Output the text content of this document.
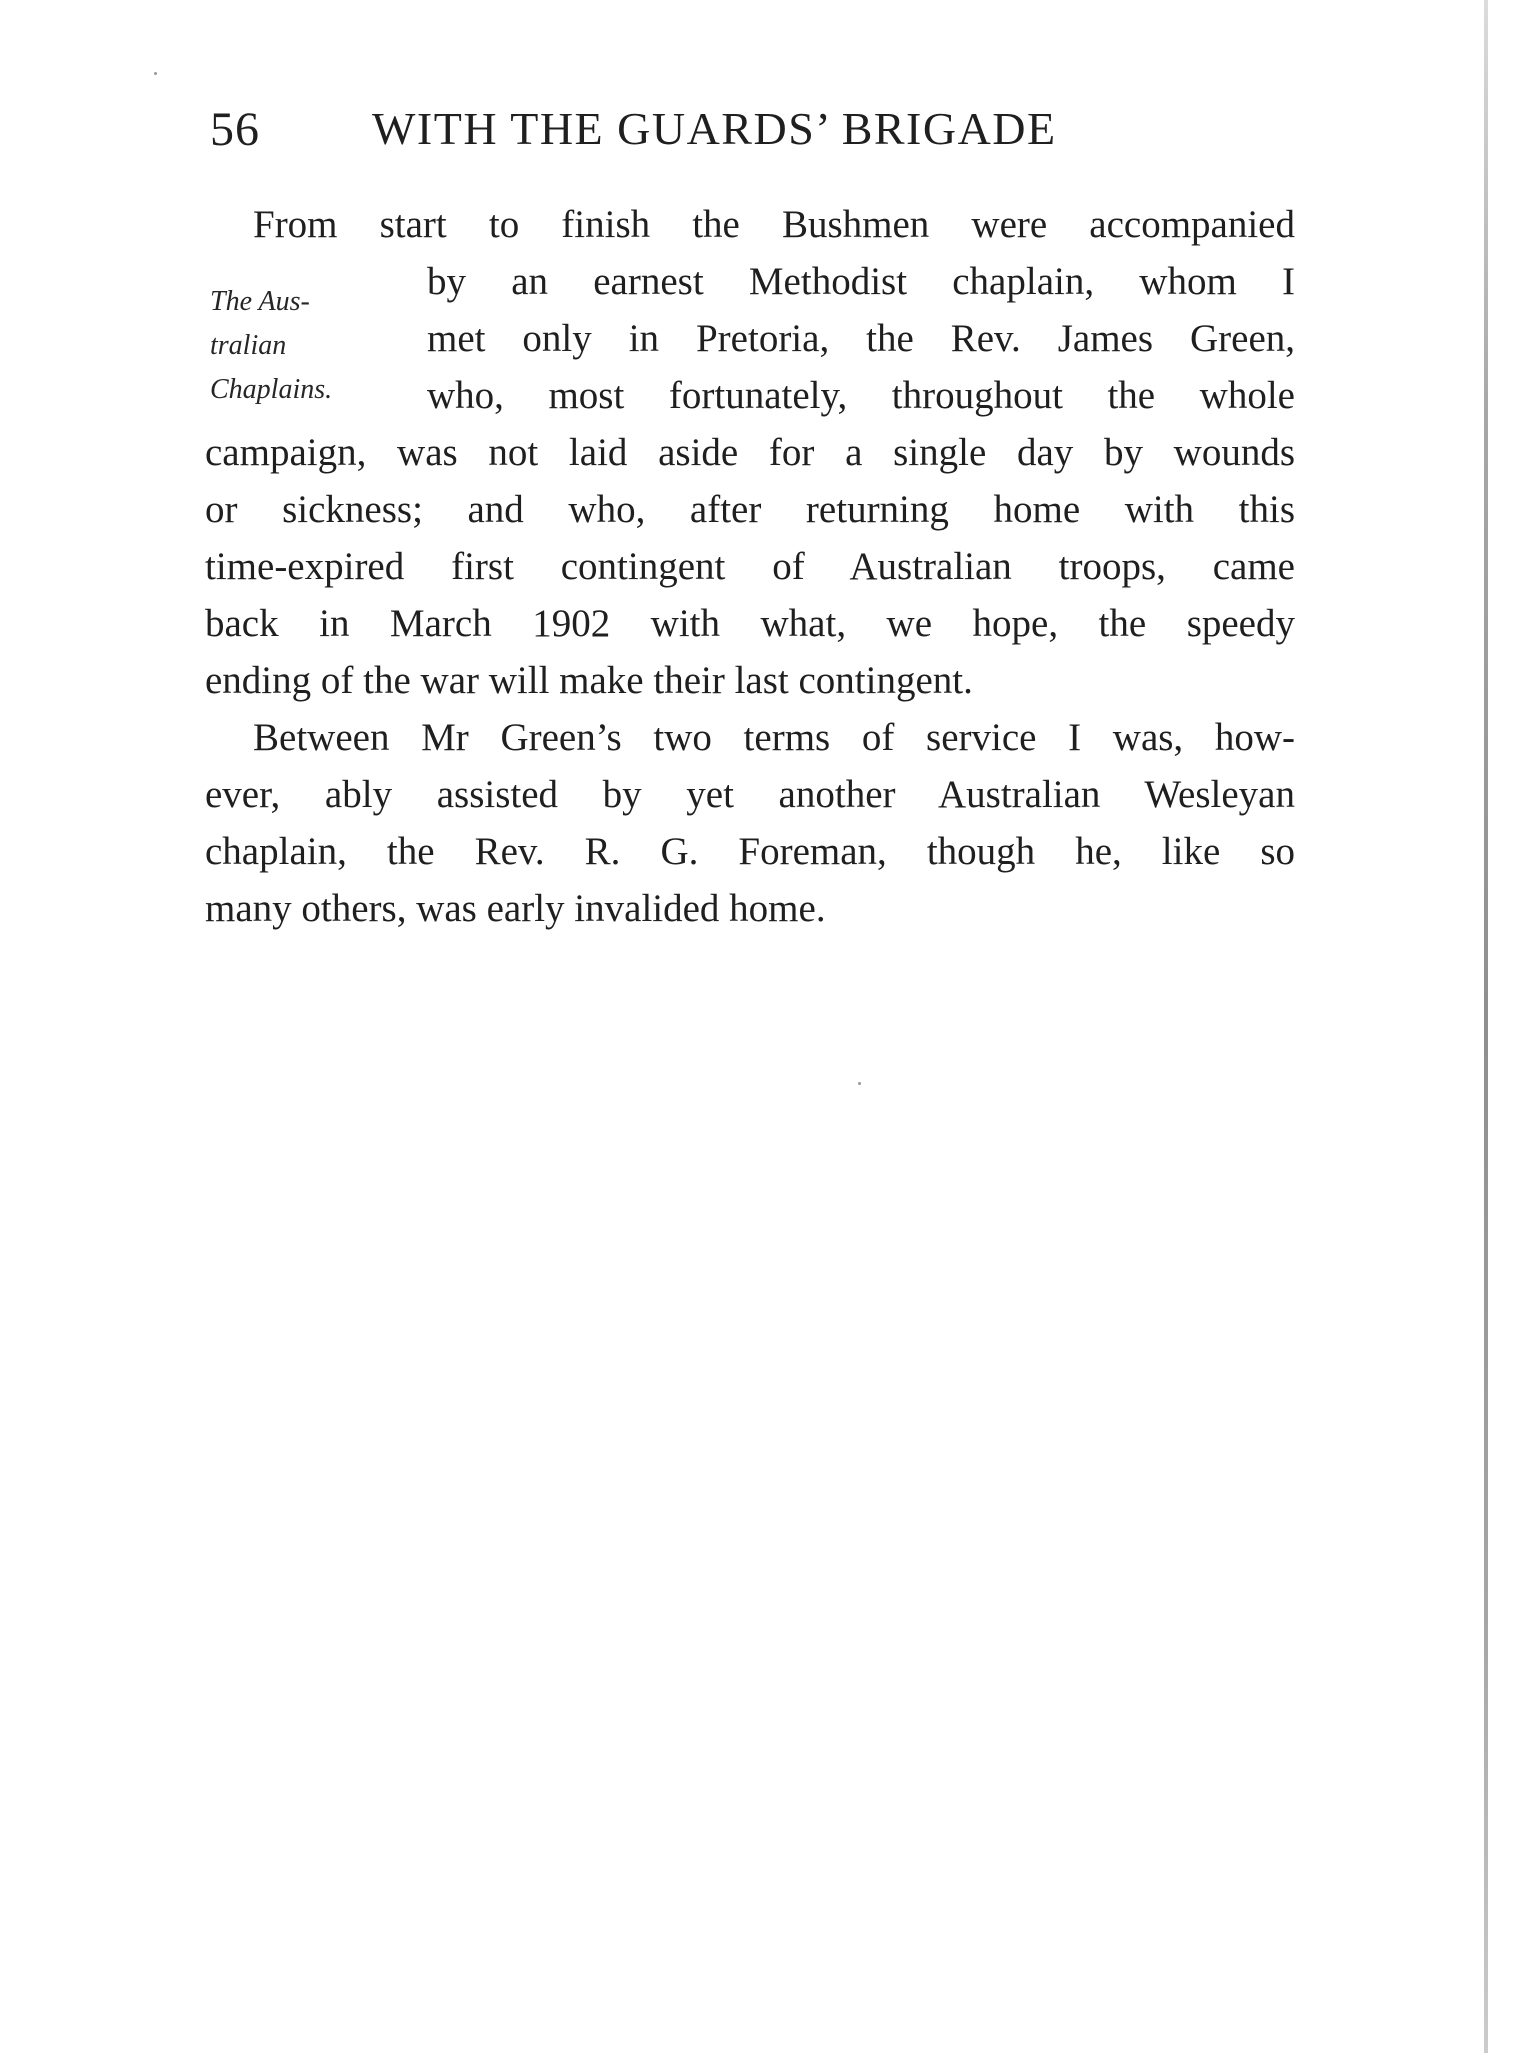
56 WITH THE GUARDS’ BRIGADE
The Aus-
tralian
Chaplains.
From start to finish the Bushmen were accompanied
by an earnest Methodist chaplain, whom I
met only in Pretoria, the Rev. James Green,
who, most fortunately, throughout the whole
campaign, was not laid aside for a single day by wounds
or sickness; and who, after returning home with this
time-expired first contingent of Australian troops, came
back in March 1902 with what, we hope, the speedy
ending of the war will make their last contingent.
Between Mr Green’s two terms of service I was, how-
ever, ably assisted by yet another Australian Wesleyan
chaplain, the Rev. R. G. Foreman, though he, like so
many others, was early invalided home.
